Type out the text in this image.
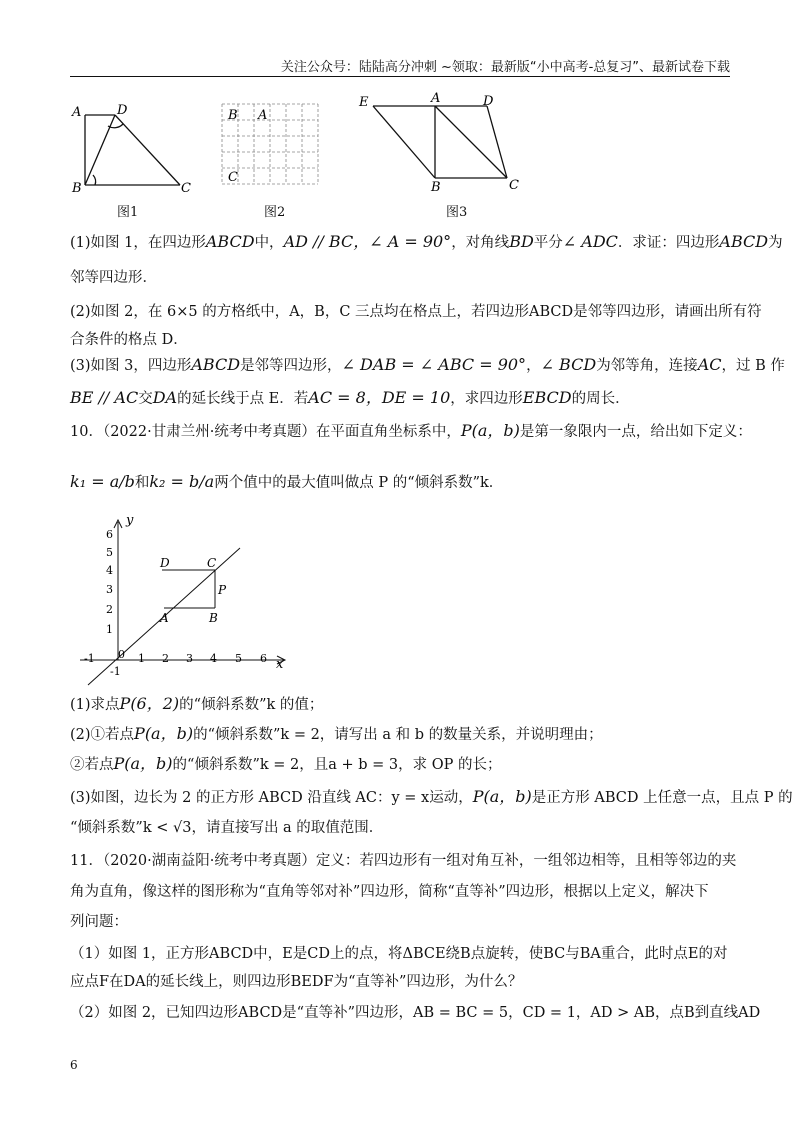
关注公众号：陆陆高分冲刺 ~领取：最新版“小中高考-总复习”、最新试卷下载
A	D
B	C
图1
B A
C
图2
E	A	D
B	C
图3
(1)如图 1，在四边形ABCD中，AD // BC，∠ A = 90°，对角线BD平分∠ ADC．求证：四边形ABCD为
邻等四边形．
(2)如图 2，在 6×5 的方格纸中，A，B，C 三点均在格点上，若四边形ABCD是邻等四边形，请画出所有符
合条件的格点 D．
(3)如图 3，四边形ABCD是邻等四边形，∠ DAB = ∠ ABC = 90°，∠ BCD为邻等角，连接AC，过 B 作
BE // AC交DA的延长线于点 E．若AC = 8，DE = 10，求四边形EBCD的周长．
10．（2022·甘肃兰州·统考中考真题）在平面直角坐标系中，P(a，b)是第一象限内一点，给出如下定义：
k₁ = a/b和k₂ = b/a两个值中的最大值叫做点 P 的“倾斜系数”k．
y
x
6
5
4
3
2
1
-1 0 1 2 3 4 5 6
-1
D	C
P
A	B
(1)求点P(6，2)的“倾斜系数”k 的值；
(2)①若点P(a，b)的“倾斜系数”k = 2，请写出 a 和 b 的数量关系，并说明理由；
②若点P(a，b)的“倾斜系数”k = 2，且a + b = 3，求 OP 的长；
(3)如图，边长为 2 的正方形 ABCD 沿直线 AC：y = x运动，P(a，b)是正方形 ABCD 上任意一点，且点 P 的
“倾斜系数”k < √3，请直接写出 a 的取值范围．
11．（2020·湖南益阳·统考中考真题）定义：若四边形有一组对角互补，一组邻边相等，且相等邻边的夹
角为直角，像这样的图形称为“直角等邻对补”四边形，简称“直等补”四边形，根据以上定义，解决下
列问题：
（1）如图 1，正方形ABCD中，E是CD上的点，将ΔBCE绕B点旋转，使BC与BA重合，此时点E的对
应点F在DA的延长线上，则四边形BEDF为“直等补”四边形，为什么？
（2）如图 2，已知四边形ABCD是“直等补”四边形，AB = BC = 5，CD = 1，AD > AB，点B到直线AD
6
